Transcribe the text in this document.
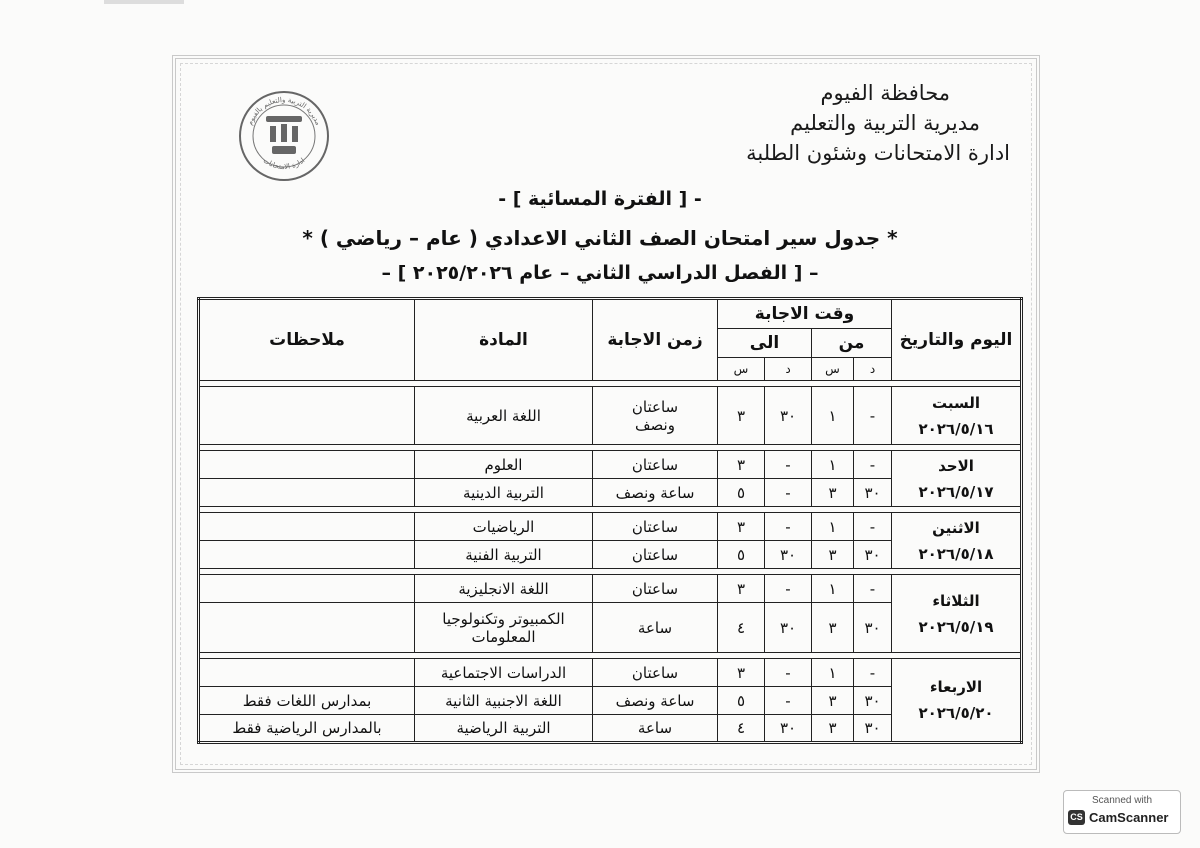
محافظة الفيوم
مديرية التربية والتعليم
ادارة الامتحانات وشئون الطلبة
مديرية التربية والتعليم بالفيوم
ادارة الامتحانات
- [ الفترة المسائية ] -
* جدول سير امتحان الصف الثاني الاعدادي ( عام – رياضي ) *
– [ الفصل الدراسي الثاني – عام ٢٠٢٥/٢٠٢٦ ] –
اليوم والتاريخ	وقت الاجابة				زمن الاجابة	المادة	ملاحظات
	من		الى				
	د	س	د	س			

السبت
٢٠٢٦/٥/١٦	-	١	٣٠	٣	ساعتان ونصف	اللغة العربية	

الاحد
٢٠٢٦/٥/١٧	-	١	-	٣	ساعتان	العلوم	
	٣٠	٣	-	٥	ساعة ونصف	التربية الدينية	

الاثنين
٢٠٢٦/٥/١٨	-	١	-	٣	ساعتان	الرياضيات	
	٣٠	٣	٣٠	٥	ساعتان	التربية الفنية	

الثلاثاء
٢٠٢٦/٥/١٩	-	١	-	٣	ساعتان	اللغة الانجليزية	
	٣٠	٣	٣٠	٤	ساعة	الكمبيوتر وتكنولوجيا المعلومات	

الاربعاء
٢٠٢٦/٥/٢٠	-	١	-	٣	ساعتان	الدراسات الاجتماعية	
	٣٠	٣	-	٥	ساعة ونصف	اللغة الاجنبية الثانية	بمدارس اللغات فقط
	٣٠	٣	٣٠	٤	ساعة	التربية الرياضية	بالمدارس الرياضية فقط
Scanned with
CS CamScanner
